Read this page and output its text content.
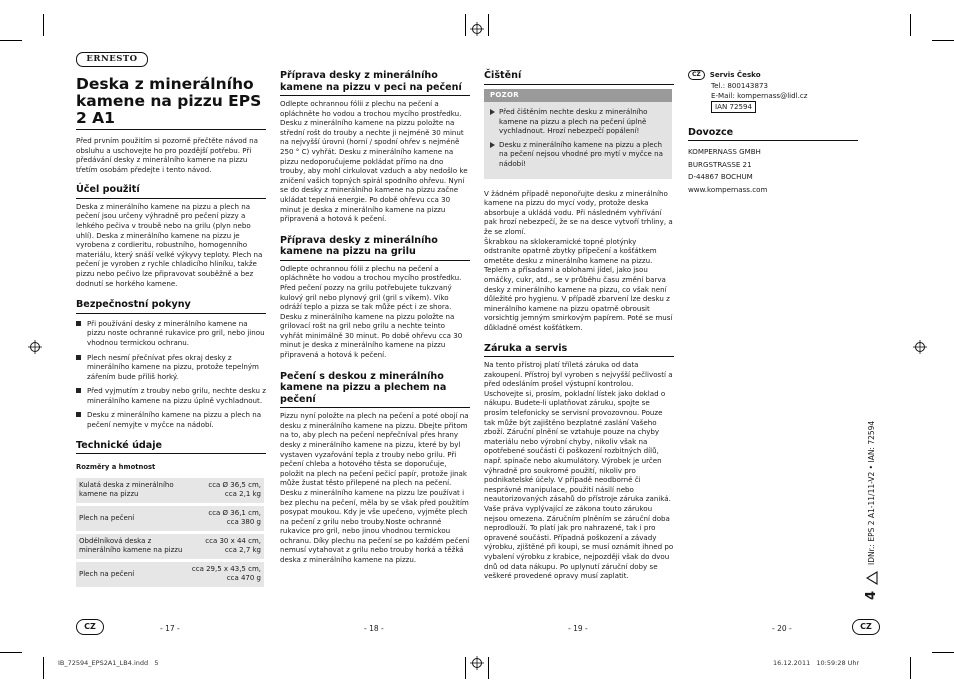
ERNESTO
Deska z minerálního kamene na pizzu EPS 2 A1

Před prvním použitím si pozorně přečtěte návod na obsluhu a uschovejte ho pro pozdější potřebu. Při předávání desky z minerálního kamene na pizzu třetím osobám předejte i tento návod.

Účel použití

Deska z minerálního kamene na pizzu a plech na pečení jsou určeny výhradně pro pečení pizzy a lehkého pečiva v troubě nebo na grilu (plyn nebo uhlí). Deska z minerálního kamene na pizzu je vyrobena z cordieritu, robustního, homogenního materiálu, který snáší velké výkyvy teploty. Plech na pečení je vyroben z rychle chladicího hliníku, takže pizzu nebo pečivo lze připravovat souběžně a bez dodnutí se horkého kamene.

Bezpečnostní pokyny
Při používání desky z minerálního kamene na pizzu noste ochranné rukavice pro gril, nebo jinou vhodnou termickou ochranu.
Plech nesmí přečnívat přes okraj desky z minerálního kamene na pizzu, protože tepelným zářením bude příliš horký.
Před vyjmutím z trouby nebo grilu, nechte desku z minerálního kamene na pizzu úplně vychladnout.
Desku z minerálního kamene na pizzu a plech na pečení nemyjte v myčce na nádobí.
Technické údaje

Rozměry a hmotnost

Kulatá deska z minerálního kamene na pizzu	cca Ø 36,5 cm,
cca 2,1 kg
Plech na pečení	cca Ø 36,1 cm,
cca 380 g
Obdélníková deska z minerálního kamene na pizzu	cca 30 x 44 cm,
cca 2,7 kg
Plech na pečení	cca 29,5 x 43,5 cm,
cca 470 g
Příprava desky z minerálního kamene na pizzu v peci na pečení

Odlepte ochrannou fólii z plechu na pečení a opláchněte ho vodou a trochou mycího prostředku. Desku z minerálního kamene na pizzu položte na střední rošt do trouby a nechte ji nejméně 30 minut na nejvyšší úrovni (horní / spodní ohřev s nejméně 250 ° C) vyhřát. Desku z minerálního kamene na pizzu nedoporučujeme pokládat přímo na dno trouby, aby mohl cirkulovat vzduch a aby nedošlo ke zničení vašich topných spirál spodního ohřevu. Nyní se do desky z minerálního kamene na pizzu začne ukládat tepelná energie. Po době ohřevu cca 30 minut je deska z minerálního kamene na pizzu připravená a hotová k pečení.

Příprava desky z minerálního kamene na pizzu na grilu

Odlepte ochrannou fólii z plechu na pečení a opláchněte ho vodou a trochou mycího prostředku. Před pečení pozzy na grilu potřebujete tukzvaný kulový gril nebo plynový gril (gril s víkem). Víko odráží teplo a pizza se tak může péct i ze shora. Desku z minerálního kamene na pizzu položte na grilovací rošt na gril nebo grilu a nechte teinto vyhřát minimálně 30 minut. Po době ohřevu cca 30 minut je deska z minerálního kamene na pizzu připravená a hotová k pečení.

Pečení s deskou z minerálního kamene na pizzu a plechem na pečení

Pizzu nyní položte na plech na pečení a poté obojí na desku z minerálního kamene na pizzu. Dbejte přitom na to, aby plech na pečení nepřečníval přes hrany desky z minerálního kamene na pizzu, které by byl vystaven vyzařování tepla z trouby nebo grilu. Při pečení chleba a hotového těsta se doporučuje, položit na plech na pečení pečicí papír, protože jinak může žustat těsto přilepené na plech na pečení. Desku z minerálního kamene na pizzu lze používat i bez plechu na pečení, měla by se však před použitím posypat moukou. Kdy je vše upečeno, vyjměte plech na pečení z grilu nebo trouby.Noste ochranné rukavice pro gril, nebo jinou vhodnou termickou ochranu. Díky plechu na pečení se po každém pečení nemusí vytahovat z grilu nebo trouby horká a těžká deska z minerálního kamene na pizzu.

Čištění
POZOR
Před čištěním nechte desku z minerálního kamene na pizzu a plech na pečení úplně vychladnout. Hrozí nebezpečí popálení!
Desku z minerálního kamene na pizzu a plech na pečení nejsou vhodné pro mytí v myčce na nádobí!

V žádném případě neponořujte desku z minerálního kamene na pizzu do mycí vody, protože deska absorbuje a ukládá vodu. Při následném vyhřívání pak hrozí nebezpečí, že se na desce vytvoří trhliny, a že se zlomí.

Škrabkou na sklokeramické topné plotýnky odstraníte opatrně zbytky přípečení a košťátkem ometěte desku z minerálního kamene na pizzu. Teplem a přísadami a oblohami jídel, jako jsou omáčky, cukr, atd., se v průběhu času změní barva desky z minerálního kamene na pizzu, co však není důležité pro hygienu. V případě zbarvení lze desku z minerálního kamene na pizzu opatrně obrousit vorsichtig jemným smirkovým papírem. Poté se musí důkladně omést košťátkem.

Záruka a servis

Na tento přístroj platí tříletá záruka od data zakoupení. Přístroj byl vyroben s nejvyšší pečlivostí a před odesláním prošel výstupní kontrolou. Uschovejte si, prosím, pokladní lístek jako doklad o nákupu. Budete-li uplatňovat záruku, spojte se prosím telefonicky se servisní provozovnou. Pouze tak může být zajištěno bezplatné zaslání Vašeho zboží. Záruční plnění se vztahuje pouze na chyby materiálu nebo výrobní chyby, nikoliv však na opotřebené součásti či poškození rozbitných dílů, např. spínače nebo akumulátory. Výrobek je určen výhradně pro soukromé použití, nikoliv pro podnikatelské účely. V případě neodborné či nesprávné manipulace, použití násilí nebo neautorizovaných zásahů do přístroje záruka zaniká. Vaše práva vyplývající ze zákona touto zárukou nejsou omezena. Záručním plněním se záruční doba neprodlouží. To platí jak pro nahrazené, tak i pro opravené součásti. Případná poškození a závady výrobku, zjištěné při koupi, se musí oznámit ihned po vybalení výrobku z krabice, nejpozději však do dvou dnů od data nákupu. Po uplynutí záruční doby se veškeré provedené opravy musí zaplatit.

CZ	Servis Česko
Tel.: 800143873
E-Mail: kompernass@lidl.cz
IAN 72594
Dovozce
KOMPERNASS GMBH
BURGSTRASSE 21
D-44867 BOCHUM
www.kompernass.com
4
IDNr.: EPS 2 A1-11/11-V2 • IAN: 72594
CZ	CZ
- 17 -	- 18 -	- 19 -	- 20 -
IB_72594_EPS2A1_LB4.indd   5	16.12.2011   10:59:28 Uhr
